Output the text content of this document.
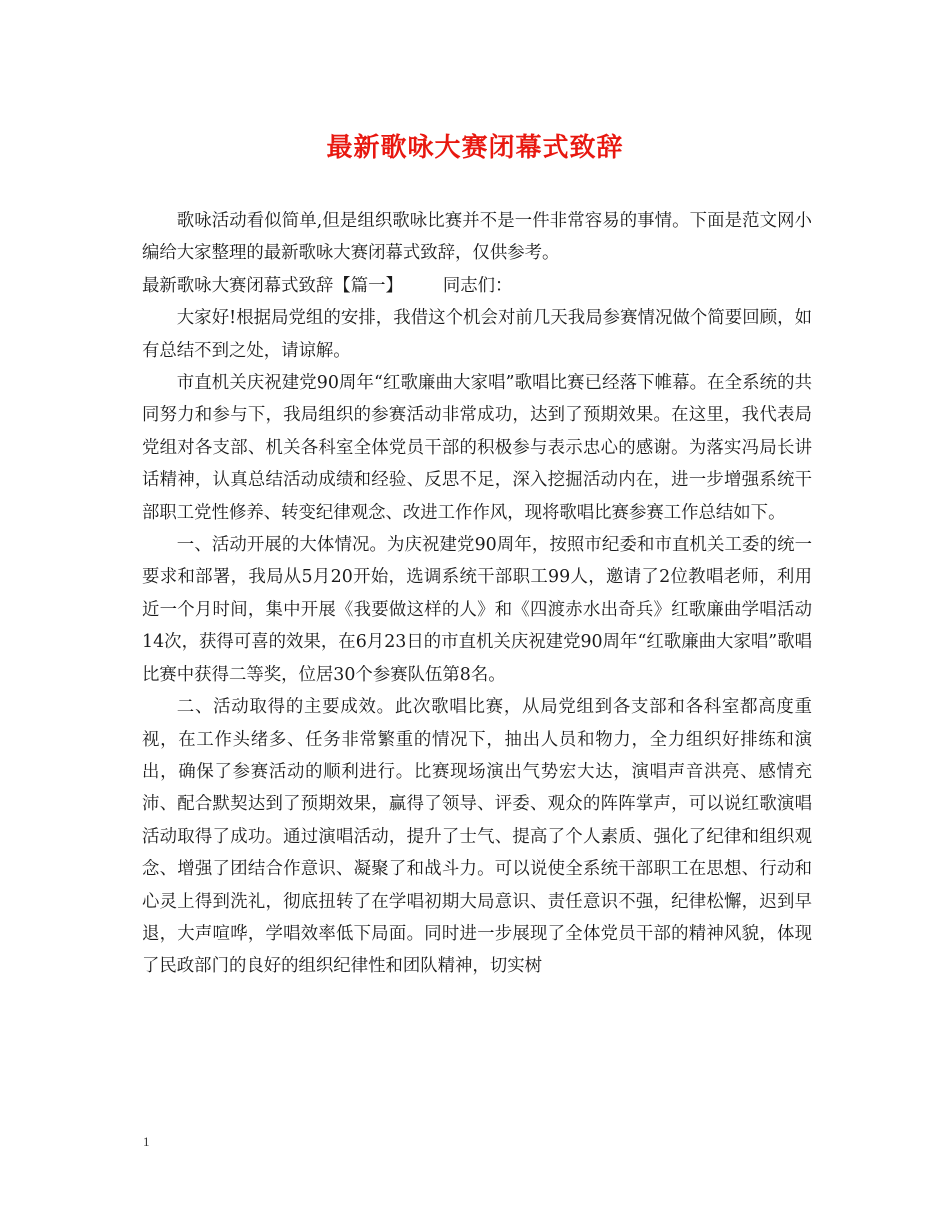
最新歌咏大赛闭幕式致辞

歌咏活动看似简单,但是组织歌咏比赛并不是一件非常容易的事情。下面是范文网小编给大家整理的最新歌咏大赛闭幕式致辞，仅供参考。

最新歌咏大赛闭幕式致辞【篇一】 同志们：

大家好!根据局党组的安排，我借这个机会对前几天我局参赛情况做个简要回顾，如有总结不到之处，请谅解。

市直机关庆祝建党90周年“红歌廉曲大家唱”歌唱比赛已经落下帷幕。在全系统的共同努力和参与下，我局组织的参赛活动非常成功，达到了预期效果。在这里，我代表局党组对各支部、机关各科室全体党员干部的积极参与表示忠心的感谢。为落实冯局长讲话精神，认真总结活动成绩和经验、反思不足，深入挖掘活动内在，进一步增强系统干部职工党性修养、转变纪律观念、改进工作作风，现将歌唱比赛参赛工作总结如下。

一、活动开展的大体情况。为庆祝建党90周年，按照市纪委和市直机关工委的统一要求和部署，我局从5月20开始，选调系统干部职工99人，邀请了2位教唱老师，利用近一个月时间，集中开展《我要做这样的人》和《四渡赤水出奇兵》红歌廉曲学唱活动14次，获得可喜的效果，在6月23日的市直机关庆祝建党90周年“红歌廉曲大家唱”歌唱比赛中获得二等奖，位居30个参赛队伍第8名。

二、活动取得的主要成效。此次歌唱比赛，从局党组到各支部和各科室都高度重视，在工作头绪多、任务非常繁重的情况下，抽出人员和物力，全力组织好排练和演出，确保了参赛活动的顺利进行。比赛现场演出气势宏大达，演唱声音洪亮、感情充沛、配合默契达到了预期效果，赢得了领导、评委、观众的阵阵掌声，可以说红歌演唱活动取得了成功。通过演唱活动，提升了士气、提高了个人素质、强化了纪律和组织观念、增强了团结合作意识、凝聚了和战斗力。可以说使全系统干部职工在思想、行动和心灵上得到洗礼，彻底扭转了在学唱初期大局意识、责任意识不强，纪律松懈，迟到早退，大声喧哗，学唱效率低下局面。同时进一步展现了全体党员干部的精神风貌，体现了民政部门的良好的组织纪律性和团队精神，切实树

1
